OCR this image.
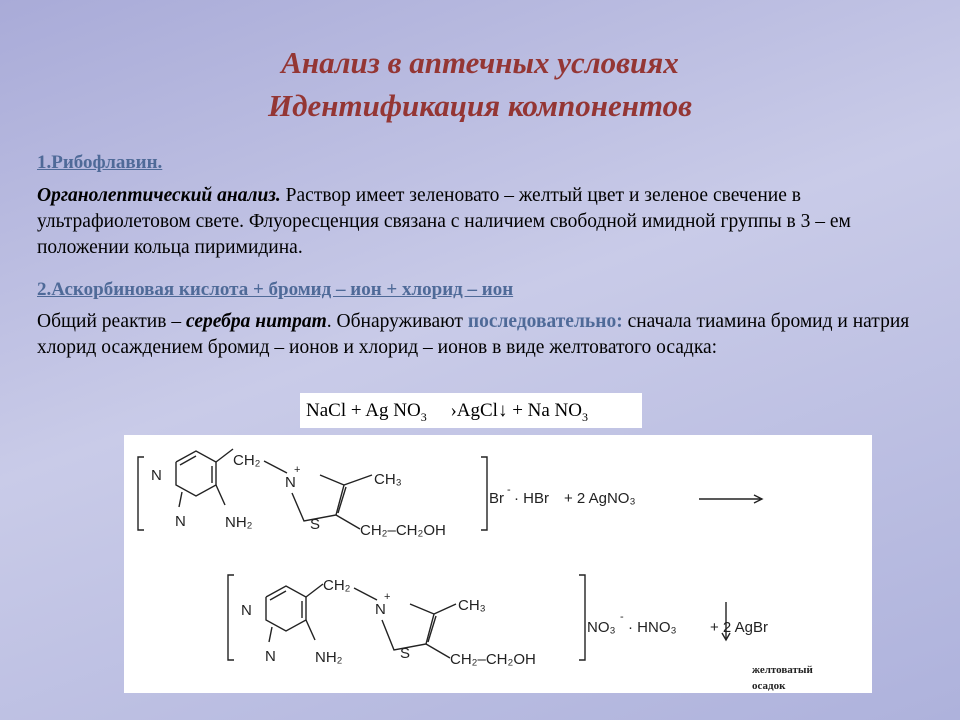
Анализ в аптечных условиях
Идентификация компонентов
1.Рибофлавин.
Органолептический анализ. Раствор имеет зеленовато – желтый цвет и зеленое свечение в ультрафиолетовом свете. Флуоресценция связана с наличием свободной имидной группы в 3 – ем положении кольца пиримидина.
2.Аскорбиновая кислота + бромид – ион + хлорид – ион
Общий реактив – серебра нитрат. Обнаруживают последовательно: сначала тиамина бромид и натрия хлорид осаждением бромид – ионов и хлорид – ионов в виде желтоватого осадка:
NaCl + Ag $NO_3$ ›AgCl↓ + Na $NO_3$
N
N	NH₂
CH₂
N
+
S
CH₃
CH₂–CH₂OH
Br - · HBr + 2 AgNO₃
N
N	NH₂
CH₂
N
+
S
CH₃
CH₂–CH₂OH
NO₃
-
· HNO₃ + 2 AgBr
желтоватый
осадок
